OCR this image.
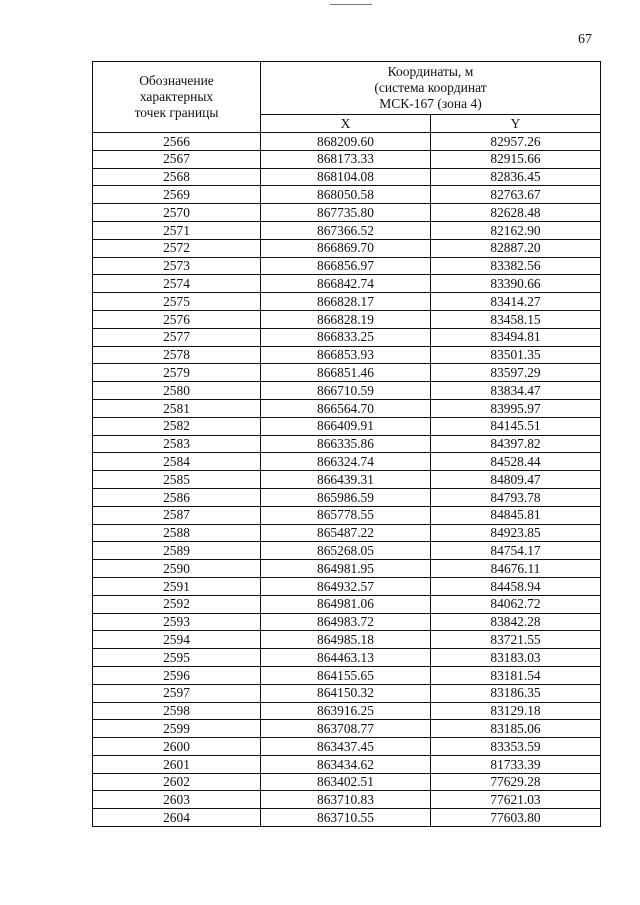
67
Обозначение
характерных
точек границы	Координаты, м
(система координат
МСК-167 (зона 4)	
	X	Y
2566	868209.60	82957.26
2567	868173.33	82915.66
2568	868104.08	82836.45
2569	868050.58	82763.67
2570	867735.80	82628.48
2571	867366.52	82162.90
2572	866869.70	82887.20
2573	866856.97	83382.56
2574	866842.74	83390.66
2575	866828.17	83414.27
2576	866828.19	83458.15
2577	866833.25	83494.81
2578	866853.93	83501.35
2579	866851.46	83597.29
2580	866710.59	83834.47
2581	866564.70	83995.97
2582	866409.91	84145.51
2583	866335.86	84397.82
2584	866324.74	84528.44
2585	866439.31	84809.47
2586	865986.59	84793.78
2587	865778.55	84845.81
2588	865487.22	84923.85
2589	865268.05	84754.17
2590	864981.95	84676.11
2591	864932.57	84458.94
2592	864981.06	84062.72
2593	864983.72	83842.28
2594	864985.18	83721.55
2595	864463.13	83183.03
2596	864155.65	83181.54
2597	864150.32	83186.35
2598	863916.25	83129.18
2599	863708.77	83185.06
2600	863437.45	83353.59
2601	863434.62	81733.39
2602	863402.51	77629.28
2603	863710.83	77621.03
2604	863710.55	77603.80
